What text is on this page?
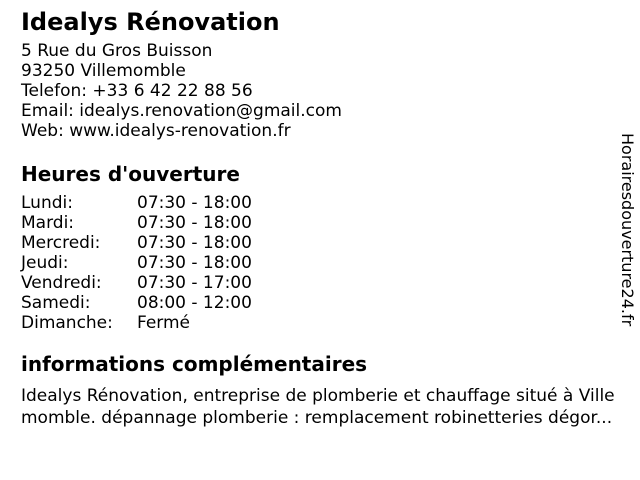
Idealys Rénovation
5 Rue du Gros Buisson
93250 Villemomble
Telefon: +33 6 42 22 88 56
Email: idealys.renovation@gmail.com
Web: www.idealys-renovation.fr
Heures d'ouverture
Lundi:	07:30 - 18:00
Mardi:	07:30 - 18:00
Mercredi:	07:30 - 18:00
Jeudi:	07:30 - 18:00
Vendredi:	07:30 - 17:00
Samedi:	08:00 - 12:00
Dimanche:	Fermé
informations complémentaires
Idealys Rénovation, entreprise de plomberie et chauffage situé à Ville
momble. dépannage plomberie : remplacement robinetteries dégor...
Horairesdouverture24.fr
